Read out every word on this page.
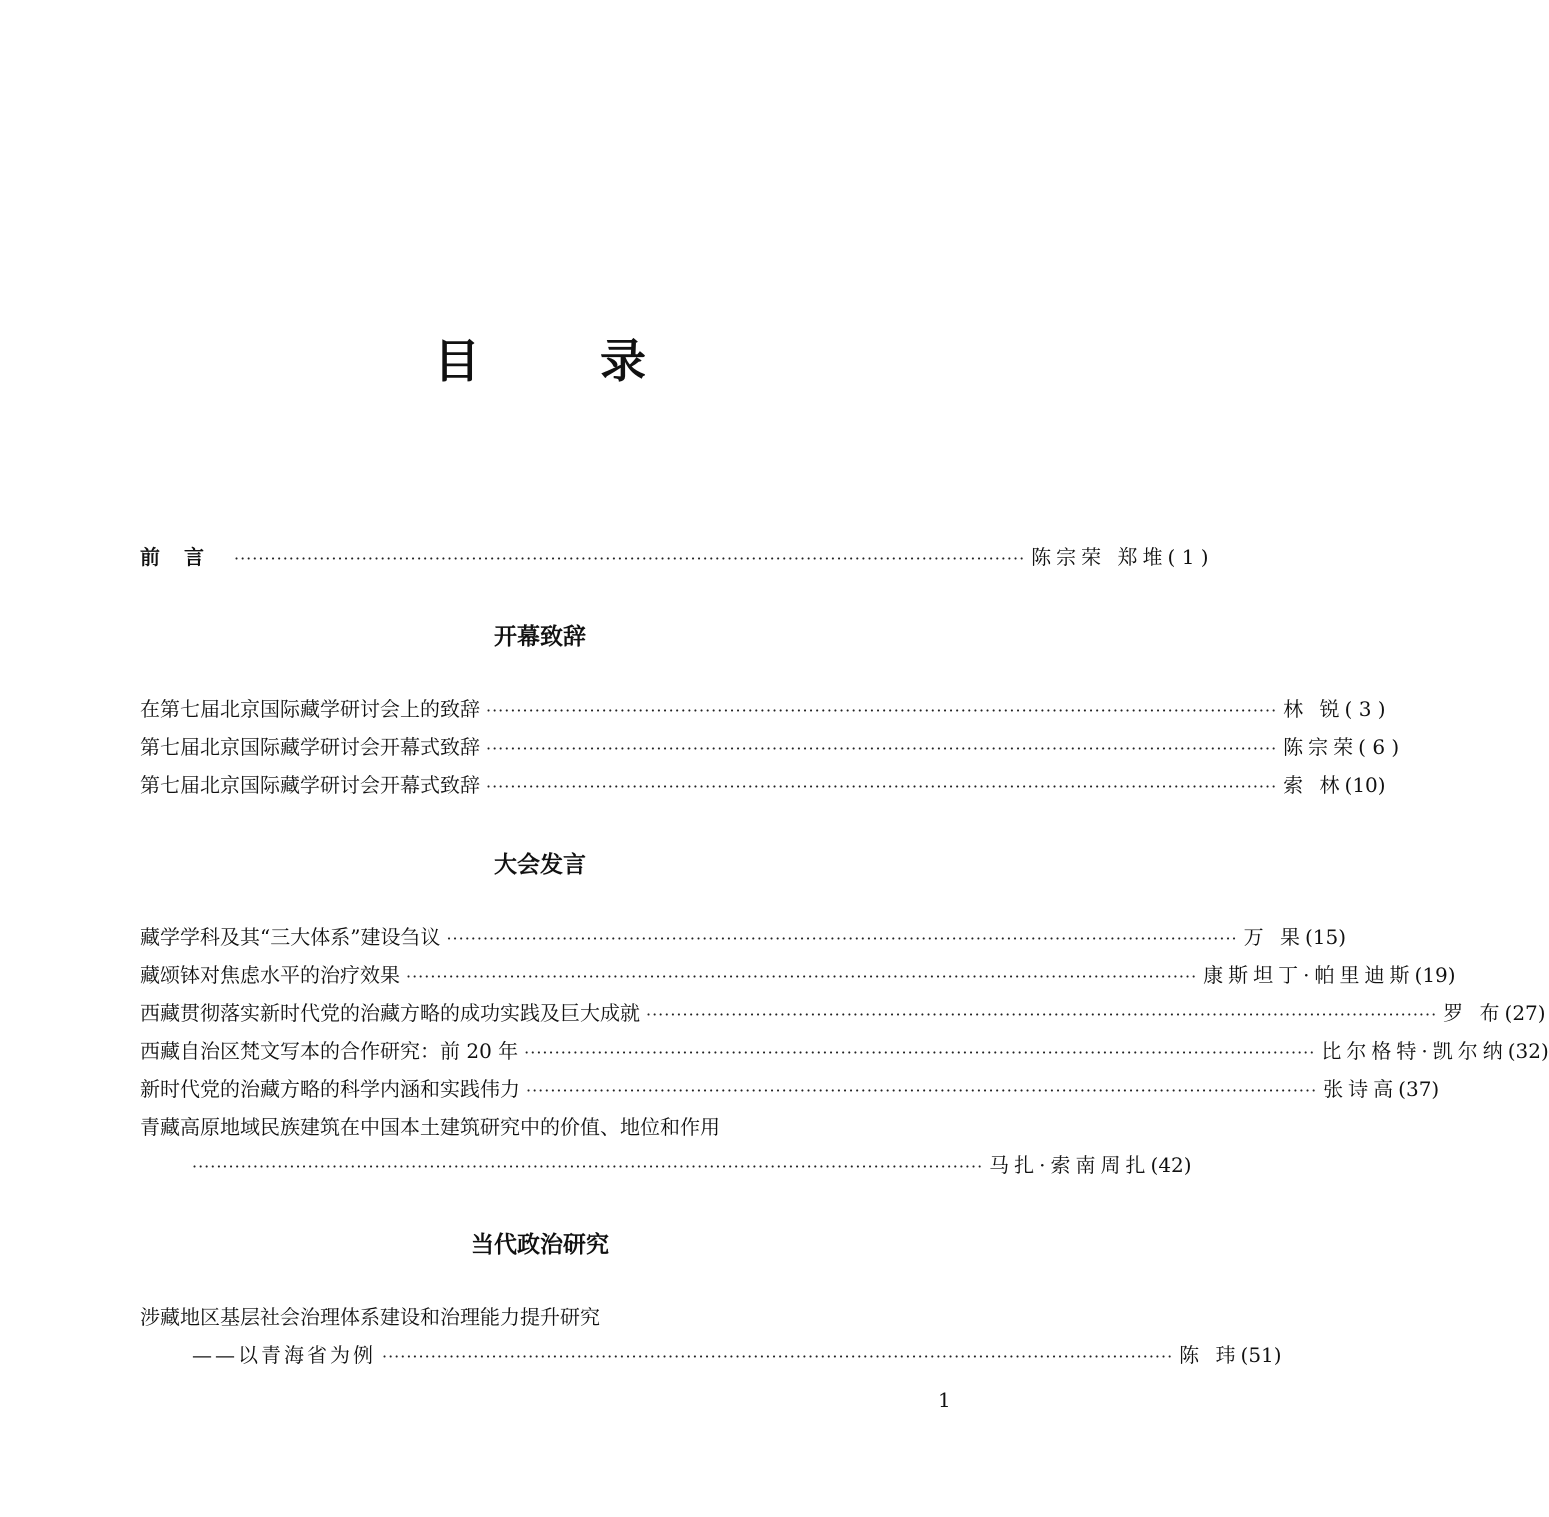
目 录
前言 ·································································································································· 陈宗荣 郑堆 ( 1 )
开幕致辞
在第七届北京国际藏学研讨会上的致辞 ·································································································································· 林 锐 ( 3 )
第七届北京国际藏学研讨会开幕式致辞 ·································································································································· 陈宗荣 ( 6 )
第七届北京国际藏学研讨会开幕式致辞 ·································································································································· 索 林 (10)
大会发言
藏学学科及其“三大体系”建设刍议 ·································································································································· 万 果 (15)
藏颂钵对焦虑水平的治疗效果 ·································································································································· 康斯坦丁·帕里迪斯 (19)
西藏贯彻落实新时代党的治藏方略的成功实践及巨大成就 ·································································································································· 罗 布 (27)
西藏自治区梵文写本的合作研究：前 20 年 ·································································································································· 比尔格特·凯尔纳 (32)
新时代党的治藏方略的科学内涵和实践伟力 ·································································································································· 张诗高 (37)
青藏高原地域民族建筑在中国本土建筑研究中的价值、地位和作用
·································································································································· 马扎·索南周扎 (42)
当代政治研究
涉藏地区基层社会治理体系建设和治理能力提升研究
——以青海省为例 ·································································································································· 陈 玮 (51)
1
